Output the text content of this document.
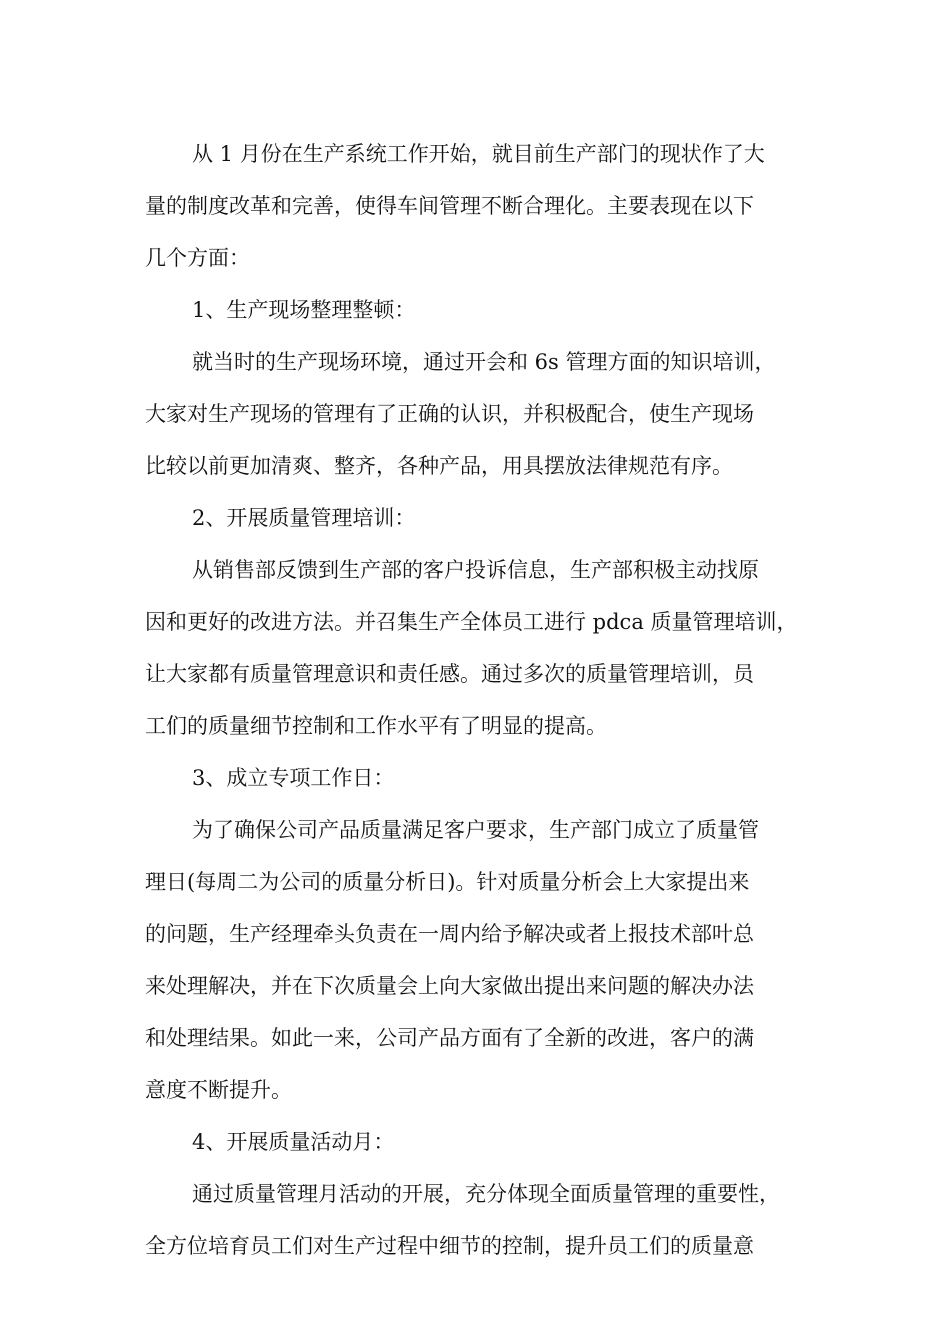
从 1 月份在生产系统工作开始，就目前生产部门的现状作了大
量的制度改革和完善，使得车间管理不断合理化。主要表现在以下
几个方面：
1、生产现场整理整顿：
就当时的生产现场环境，通过开会和 6s 管理方面的知识培训，
大家对生产现场的管理有了正确的认识，并积极配合，使生产现场
比较以前更加清爽、整齐，各种产品，用具摆放法律规范有序。
2、开展质量管理培训：
从销售部反馈到生产部的客户投诉信息，生产部积极主动找原
因和更好的改进方法。并召集生产全体员工进行 pdca 质量管理培训，
让大家都有质量管理意识和责任感。通过多次的质量管理培训，员
工们的质量细节控制和工作水平有了明显的提高。
3、成立专项工作日：
为了确保公司产品质量满足客户要求，生产部门成立了质量管
理日(每周二为公司的质量分析日)。针对质量分析会上大家提出来
的问题，生产经理牵头负责在一周内给予解决或者上报技术部叶总
来处理解决，并在下次质量会上向大家做出提出来问题的解决办法
和处理结果。如此一来，公司产品方面有了全新的改进，客户的满
意度不断提升。
4、开展质量活动月：
通过质量管理月活动的开展，充分体现全面质量管理的重要性，
全方位培育员工们对生产过程中细节的控制，提升员工们的质量意
